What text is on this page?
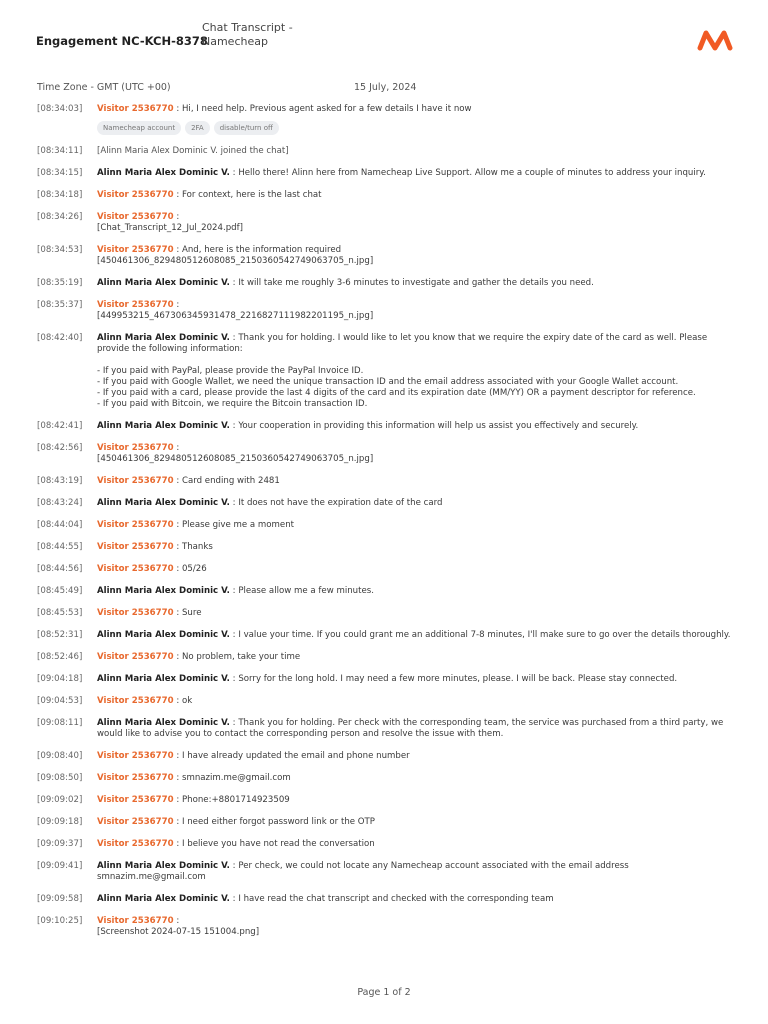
Engagement NC-KCH-8378
Chat Transcript -
Namecheap
Time Zone - GMT (UTC +00)	15 July, 2024
[08:34:03] Visitor 2536770 : Hi, I need help. Previous agent asked for a few details I have it now
Namecheap account 2FA disable/turn off
[08:34:11] [Alinn Maria Alex Dominic V. joined the chat]
[08:34:15] Alinn Maria Alex Dominic V. : Hello there! Alinn here from Namecheap Live Support. Allow me a couple of minutes to address your inquiry.
[08:34:18] Visitor 2536770 : For context, here is the last chat
[08:34:26] Visitor 2536770 :
[Chat_Transcript_12_Jul_2024.pdf]
[08:34:53] Visitor 2536770 : And, here is the information required
[450461306_829480512608085_2150360542749063705_n.jpg]
[08:35:19] Alinn Maria Alex Dominic V. : It will take me roughly 3-6 minutes to investigate and gather the details you need.
[08:35:37] Visitor 2536770 :
[449953215_467306345931478_2216827111982201195_n.jpg]
[08:42:40] Alinn Maria Alex Dominic V. : Thank you for holding. I would like to let you know that we require the expiry date of the card as well. Please provide the following information:
- If you paid with PayPal, please provide the PayPal Invoice ID.
- If you paid with Google Wallet, we need the unique transaction ID and the email address associated with your Google Wallet account.
- If you paid with a card, please provide the last 4 digits of the card and its expiration date (MM/YY) OR a payment descriptor for reference.
- If you paid with Bitcoin, we require the Bitcoin transaction ID.
[08:42:41] Alinn Maria Alex Dominic V. : Your cooperation in providing this information will help us assist you effectively and securely.
[08:42:56] Visitor 2536770 :
[450461306_829480512608085_2150360542749063705_n.jpg]
[08:43:19] Visitor 2536770 : Card ending with 2481
[08:43:24] Alinn Maria Alex Dominic V. : It does not have the expiration date of the card
[08:44:04] Visitor 2536770 : Please give me a moment
[08:44:55] Visitor 2536770 : Thanks
[08:44:56] Visitor 2536770 : 05/26
[08:45:49] Alinn Maria Alex Dominic V. : Please allow me a few minutes.
[08:45:53] Visitor 2536770 : Sure
[08:52:31] Alinn Maria Alex Dominic V. : I value your time. If you could grant me an additional 7-8 minutes, I'll make sure to go over the details thoroughly.
[08:52:46] Visitor 2536770 : No problem, take your time
[09:04:18] Alinn Maria Alex Dominic V. : Sorry for the long hold. I may need a few more minutes, please. I will be back. Please stay connected.
[09:04:53] Visitor 2536770 : ok
[09:08:11] Alinn Maria Alex Dominic V. : Thank you for holding. Per check with the corresponding team, the service was purchased from a third party, we would like to advise you to contact the corresponding person and resolve the issue with them.
[09:08:40] Visitor 2536770 : I have already updated the email and phone number
[09:08:50] Visitor 2536770 : smnazim.me@gmail.com
[09:09:02] Visitor 2536770 : Phone:+8801714923509
[09:09:18] Visitor 2536770 : I need either forgot password link or the OTP
[09:09:37] Visitor 2536770 : I believe you have not read the conversation
[09:09:41] Alinn Maria Alex Dominic V. : Per check, we could not locate any Namecheap account associated with the email address
smnazim.me@gmail.com
[09:09:58] Alinn Maria Alex Dominic V. : I have read the chat transcript and checked with the corresponding team
[09:10:25] Visitor 2536770 :
[Screenshot 2024-07-15 151004.png]
Page 1 of 2
